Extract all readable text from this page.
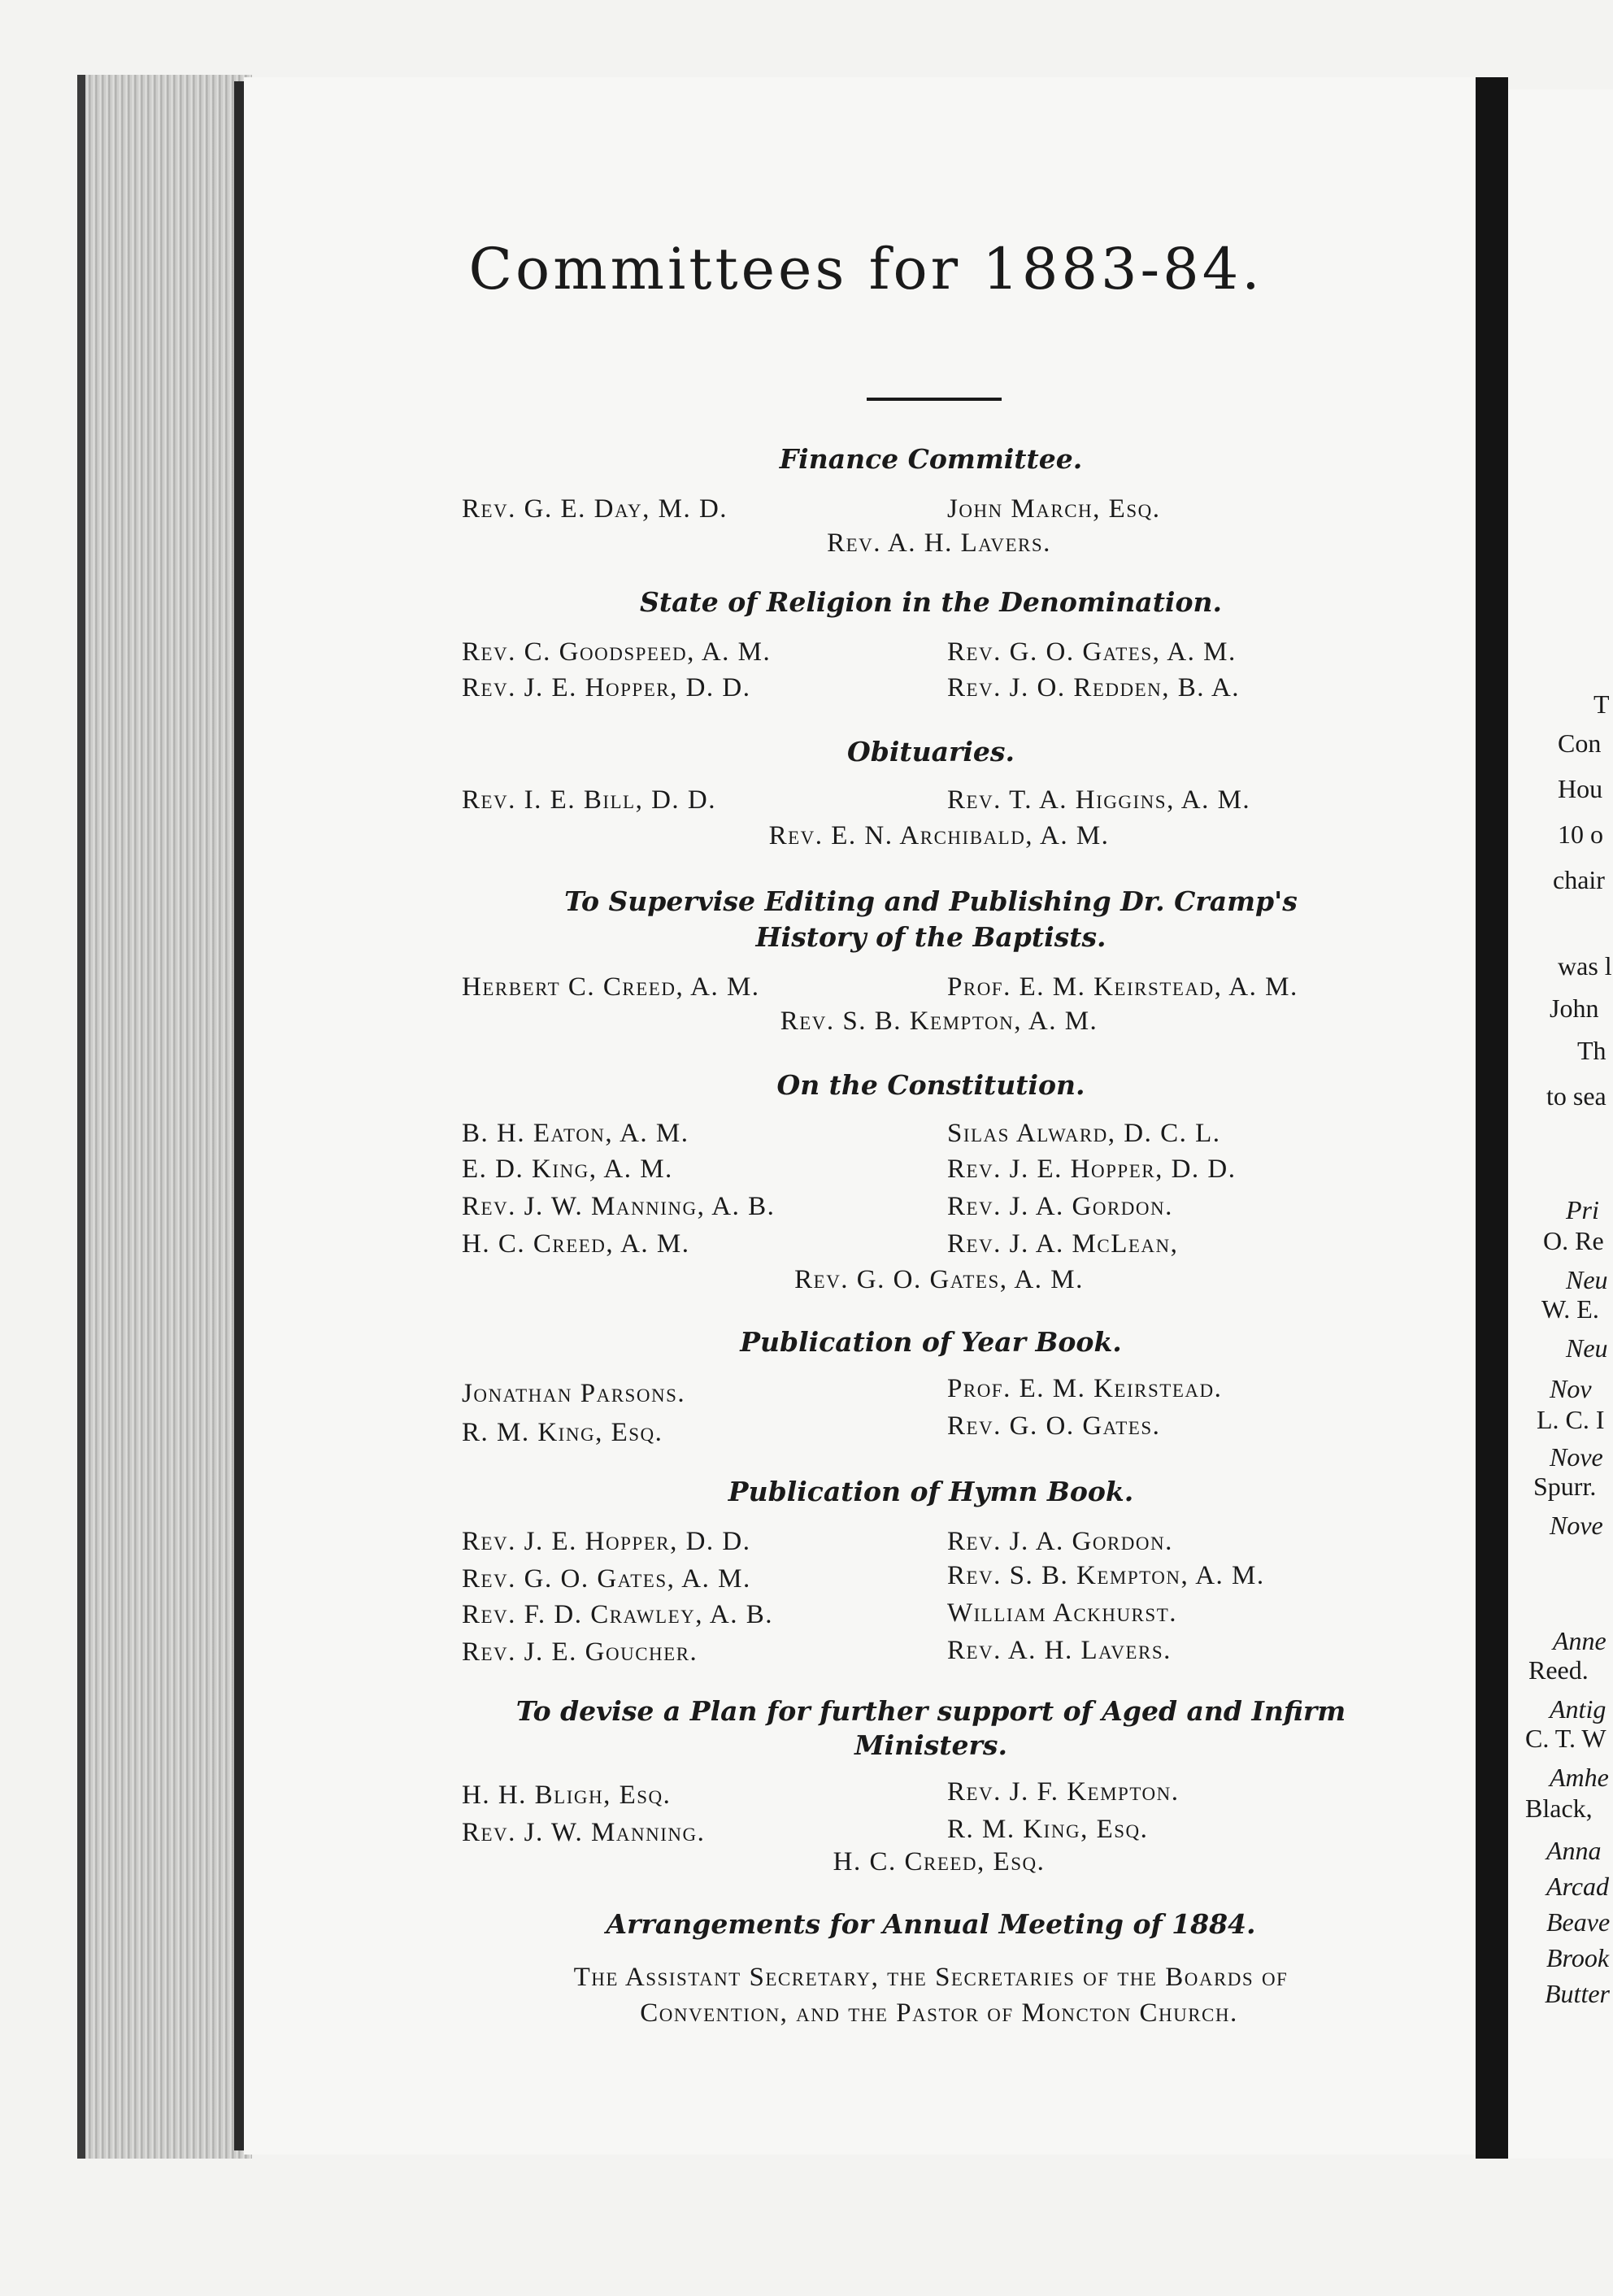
Committees for 1883-84.
Finance Committee.
Rev. G. E. Day, M. D.	John March, Esq.
Rev. A. H. Lavers.
State of Religion in the Denomination.
Rev. C. Goodspeed, A. M.	Rev. G. O. Gates, A. M.
Rev. J. E. Hopper, D. D.	Rev. J. O. Redden, B. A.
Obituaries.
Rev. I. E. Bill, D. D.	Rev. T. A. Higgins, A. M.
Rev. E. N. Archibald, A. M.
To Supervise Editing and Publishing Dr. Cramp's
History of the Baptists.
Herbert C. Creed, A. M.	Prof. E. M. Keirstead, A. M.
Rev. S. B. Kempton, A. M.
On the Constitution.
B. H. Eaton, A. M.	Silas Alward, D. C. L.
E. D. King, A. M.	Rev. J. E. Hopper, D. D.
Rev. J. W. Manning, A. B.	Rev. J. A. Gordon.
H. C. Creed, A. M.	Rev. J. A. McLean,
Rev. G. O. Gates, A. M.
Publication of Year Book.
Jonathan Parsons.	Prof. E. M. Keirstead.
R. M. King, Esq.	Rev. G. O. Gates.
Publication of Hymn Book.
Rev. J. E. Hopper, D. D.	Rev. J. A. Gordon.
Rev. G. O. Gates, A. M.	Rev. S. B. Kempton, A. M.
Rev. F. D. Crawley, A. B.	William Ackhurst.
Rev. J. E. Goucher.	Rev. A. H. Lavers.
To devise a Plan for further support of Aged and Infirm
Ministers.
H. H. Bligh, Esq.	Rev. J. F. Kempton.
Rev. J. W. Manning.	R. M. King, Esq.
H. C. Creed, Esq.
Arrangements for Annual Meeting of 1884.
The Assistant Secretary, the Secretaries of the Boards of
Convention, and the Pastor of Moncton Church.
T
Con
Hou
10 o
chair
was l
John
Th
to sea
Pri
O. Re
Neu
W. E.
Neu
Nov
L. C. I
Nove
Spurr.
Nove
Anne
Reed.
Antig
C. T. W
Amhe
Black,
Anna
Arcad
Beave
Brook
Butter
